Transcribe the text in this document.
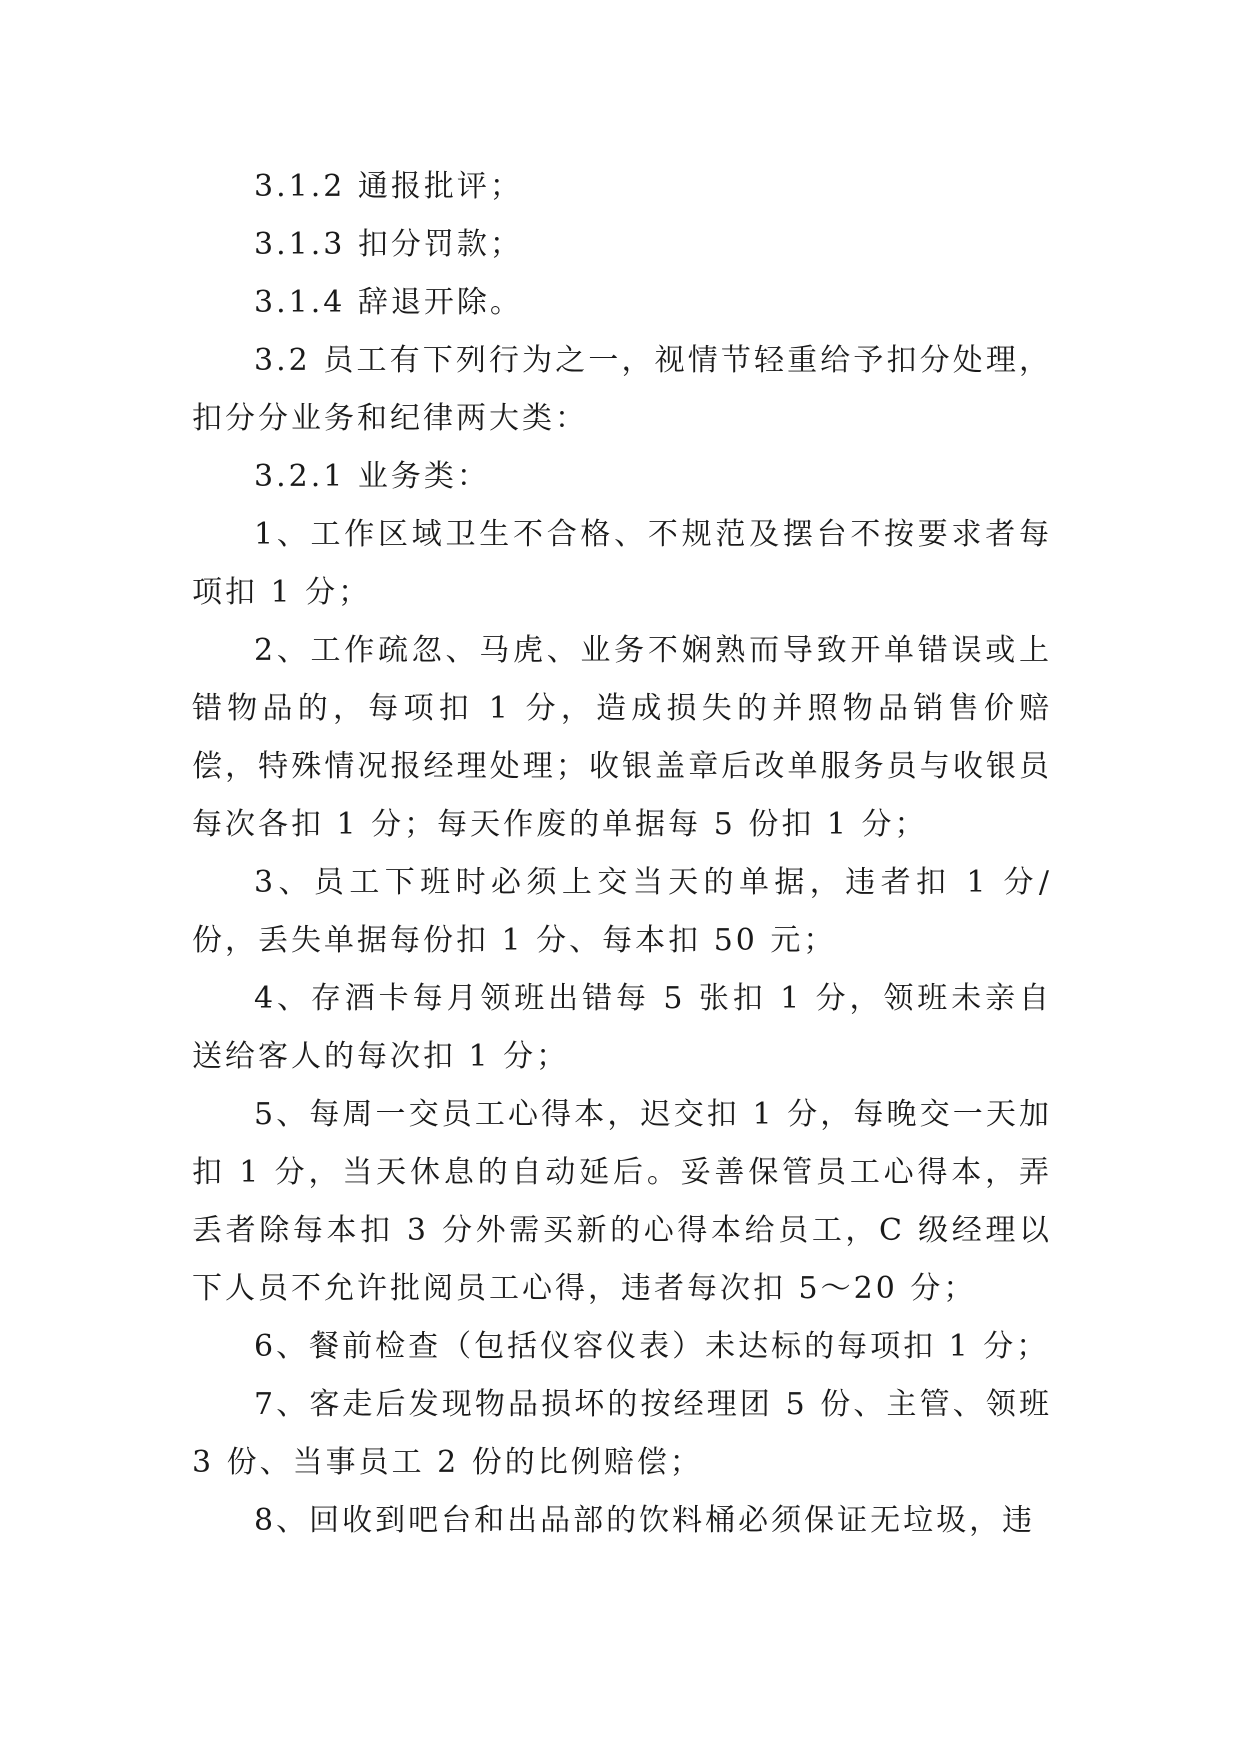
3.1.2 通报批评；

3.1.3 扣分罚款；

3.1.4 辞退开除。

3.2 员工有下列行为之一，视情节轻重给予扣分处理，扣分分业务和纪律两大类：

3.2.1 业务类：

1、工作区域卫生不合格、不规范及摆台不按要求者每项扣 1 分；

2、工作疏忽、马虎、业务不娴熟而导致开单错误或上错物品的，每项扣 1 分，造成损失的并照物品销售价赔偿，特殊情况报经理处理；收银盖章后改单服务员与收银员每次各扣 1 分；每天作废的单据每 5 份扣 1 分；

3、员工下班时必须上交当天的单据，违者扣 1 分/份，丢失单据每份扣 1 分、每本扣 50 元；

4、存酒卡每月领班出错每 5 张扣 1 分，领班未亲自送给客人的每次扣 1 分；

5、每周一交员工心得本，迟交扣 1 分，每晚交一天加扣 1 分，当天休息的自动延后。妥善保管员工心得本，弄丢者除每本扣 3 分外需买新的心得本给员工，C 级经理以下人员不允许批阅员工心得，违者每次扣 5～20 分；

6、餐前检查（包括仪容仪表）未达标的每项扣 1 分；

7、客走后发现物品损坏的按经理团 5 份、主管、领班 3 份、当事员工 2 份的比例赔偿；

8、回收到吧台和出品部的饮料桶必须保证无垃圾，违
